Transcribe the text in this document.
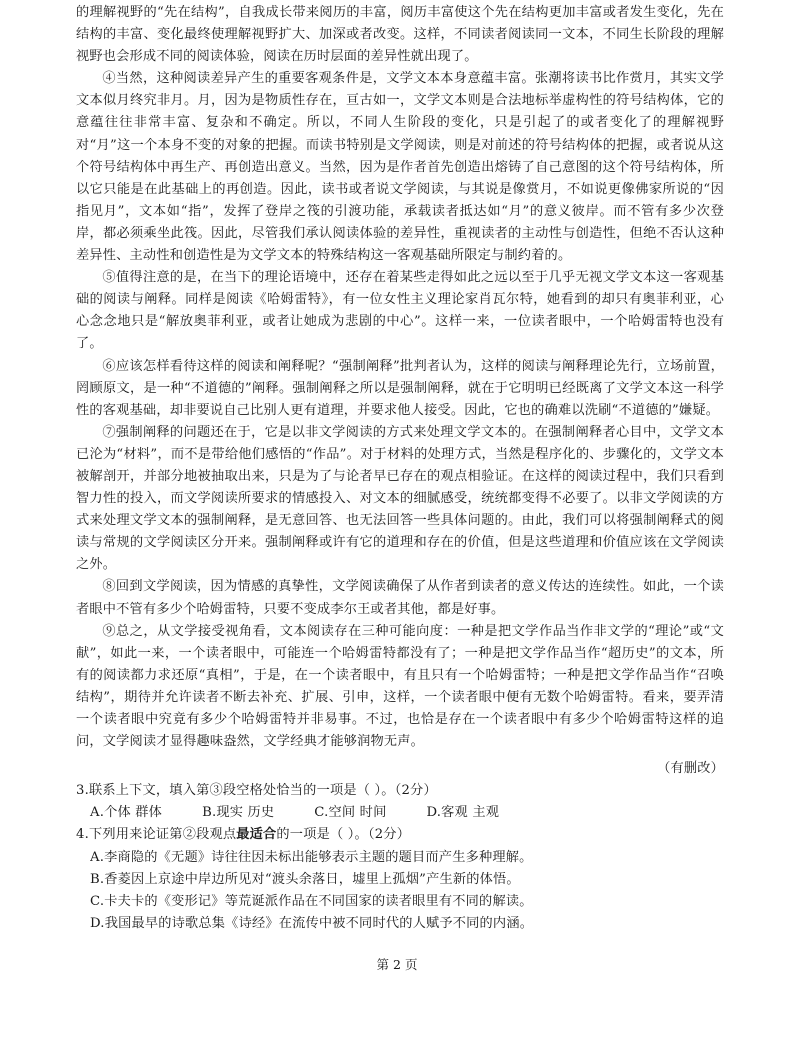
的理解视野的“先在结构”，自我成长带来阅历的丰富，阅历丰富使这个先在结构更加丰富或者发生变化，先在结构的丰富、变化最终使理解视野扩大、加深或者改变。这样，不同读者阅读同一文本，不同生长阶段的理解视野也会形成不同的阅读体验，阅读在历时层面的差异性就出现了。

④当然，这种阅读差异产生的重要客观条件是，文学文本本身意蕴丰富。张潮将读书比作赏月，其实文学文本似月终究非月。月，因为是物质性存在，亘古如一，文学文本则是合法地标举虚构性的符号结构体，它的意蕴往往非常丰富、复杂和不确定。所以，不同人生阶段的变化，只是引起了的或者变化了的理解视野对“月”这一个本身不变的对象的把握。而读书特别是文学阅读，则是对前述的符号结构体的把握，或者说从这个符号结构体中再生产、再创造出意义。当然，因为是作者首先创造出熔铸了自己意图的这个符号结构体，所以它只能是在此基础上的再创造。因此，读书或者说文学阅读，与其说是像赏月，不如说更像佛家所说的“因指见月”，文本如“指”，发挥了登岸之筏的引渡功能，承载读者抵达如“月”的意义彼岸。而不管有多少次登岸，都必须乘坐此筏。因此，尽管我们承认阅读体验的差异性，重视读者的主动性与创造性，但绝不否认这种差异性、主动性和创造性是为文学文本的特殊结构这一客观基础所限定与制约着的。

⑤值得注意的是，在当下的理论语境中，还存在着某些走得如此之远以至于几乎无视文学文本这一客观基础的阅读与阐释。同样是阅读《哈姆雷特》，有一位女性主义理论家肖瓦尔特，她看到的却只有奥菲利亚，心心念念地只是“解放奥菲利亚，或者让她成为悲剧的中心”。这样一来，一位读者眼中，一个哈姆雷特也没有了。

⑥应该怎样看待这样的阅读和阐释呢？“强制阐释”批判者认为，这样的阅读与阐释理论先行，立场前置，罔顾原文，是一种“不道德的”阐释。强制阐释之所以是强制阐释，就在于它明明已经既离了文学文本这一科学性的客观基础，却非要说自己比别人更有道理，并要求他人接受。因此，它也的确难以洗刷“不道德的”嫌疑。

⑦强制阐释的问题还在于，它是以非文学阅读的方式来处理文学文本的。在强制阐释者心目中，文学文本已沦为“材料”，而不是带给他们感悟的“作品”。对于材料的处理方式，当然是程序化的、步骤化的，文学文本被解剖开，并部分地被抽取出来，只是为了与论者早已存在的观点相验证。在这样的阅读过程中，我们只看到智力性的投入，而文学阅读所要求的情感投入、对文本的细腻感受，统统都变得不必要了。以非文学阅读的方式来处理文学文本的强制阐释，是无意回答、也无法回答一些具体问题的。由此，我们可以将强制阐释式的阅读与常规的文学阅读区分开来。强制阐释或许有它的道理和存在的价值，但是这些道理和价值应该在文学阅读之外。

⑧回到文学阅读，因为情感的真挚性，文学阅读确保了从作者到读者的意义传达的连续性。如此，一个读者眼中不管有多少个哈姆雷特，只要不变成李尔王或者其他，都是好事。

⑨总之，从文学接受视角看，文本阅读存在三种可能向度：一种是把文学作品当作非文学的“理论”或“文献”，如此一来，一个读者眼中，可能连一个哈姆雷特都没有了；一种是把文学作品当作“超历史”的文本，所有的阅读都力求还原“真相”，于是，在一个读者眼中，有且只有一个哈姆雷特；一种是把文学作品当作“召唤结构”，期待并允许读者不断去补充、扩展、引申，这样，一个读者眼中便有无数个哈姆雷特。看来，要弄清一个读者眼中究竟有多少个哈姆雷特并非易事。不过，也恰是存在一个读者眼中有多少个哈姆雷特这样的追问，文学阅读才显得趣味盎然，文学经典才能够润物无声。

（有删改）

3.联系上下文，填入第③段空格处恰当的一项是（ ）。（2分）

A.个体 群体	B.现实 历史	C.空间 时间	D.客观 主观

4.下列用来论证第②段观点最适合的一项是（ ）。（2分）

A.李商隐的《无题》诗往往因未标出能够表示主题的题目而产生多种理解。

B.香菱因上京途中岸边所见对“渡头余落日，墟里上孤烟”产生新的体悟。

C.卡夫卡的《变形记》等荒诞派作品在不同国家的读者眼里有不同的解读。

D.我国最早的诗歌总集《诗经》在流传中被不同时代的人赋予不同的内涵。

第 2 页
